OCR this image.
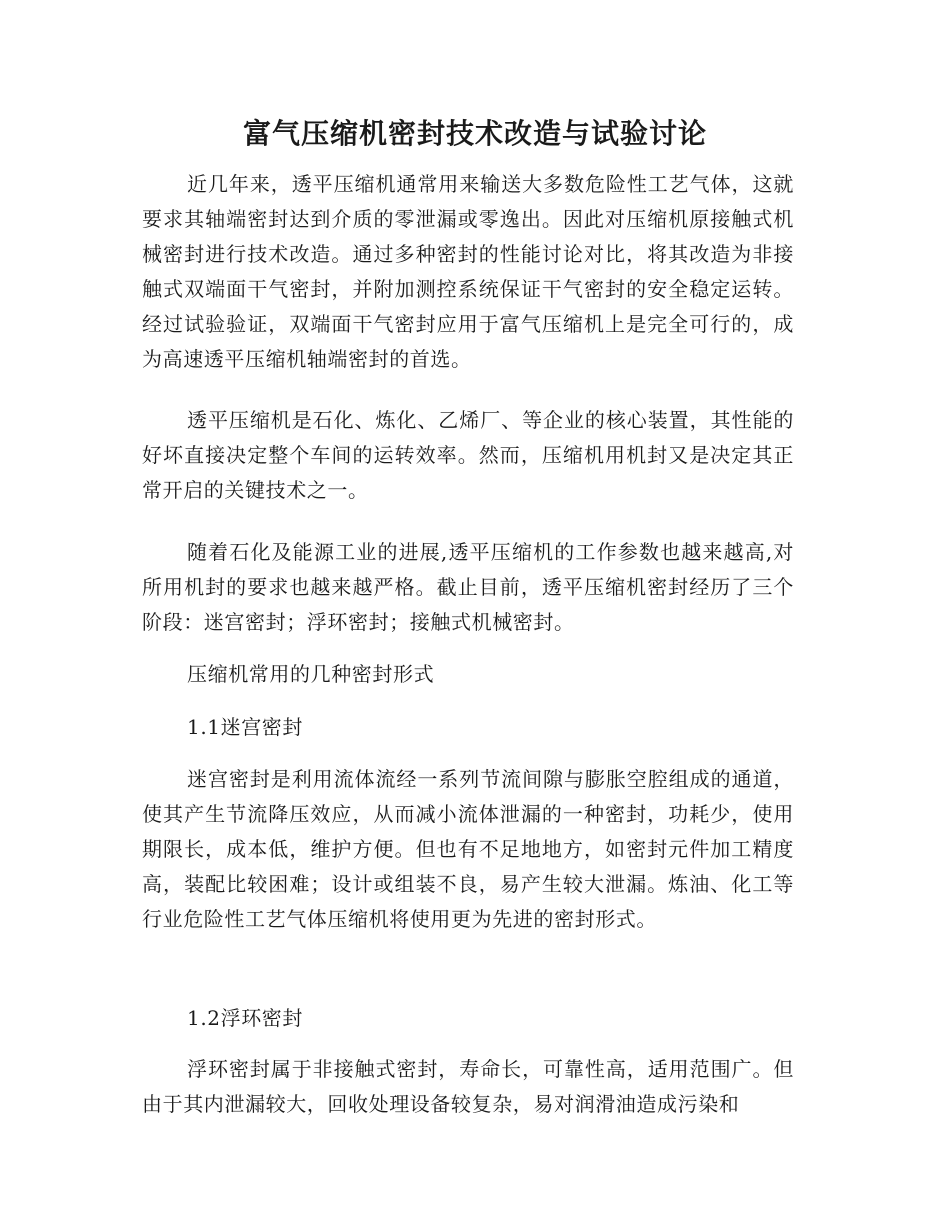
富气压缩机密封技术改造与试验讨论

近几年来，透平压缩机通常用来输送大多数危险性工艺气体，这就要求其轴端密封达到介质的零泄漏或零逸出。因此对压缩机原接触式机械密封进行技术改造。通过多种密封的性能讨论对比，将其改造为非接触式双端面干气密封，并附加测控系统保证干气密封的安全稳定运转。经过试验验证，双端面干气密封应用于富气压缩机上是完全可行的，成为高速透平压缩机轴端密封的首选。

透平压缩机是石化、炼化、乙烯厂、等企业的核心装置，其性能的好坏直接决定整个车间的运转效率。然而，压缩机用机封又是决定其正常开启的关键技术之一。

随着石化及能源工业的进展,透平压缩机的工作参数也越来越高,对所用机封的要求也越来越严格。截止目前，透平压缩机密封经历了三个阶段：迷宫密封；浮环密封；接触式机械密封。

压缩机常用的几种密封形式

1.1迷宫密封

迷宫密封是利用流体流经一系列节流间隙与膨胀空腔组成的通道，使其产生节流降压效应，从而减小流体泄漏的一种密封，功耗少，使用期限长，成本低，维护方便。但也有不足地地方，如密封元件加工精度高，装配比较困难；设计或组装不良，易产生较大泄漏。炼油、化工等行业危险性工艺气体压缩机将使用更为先进的密封形式。

1.2浮环密封

浮环密封属于非接触式密封，寿命长，可靠性高，适用范围广。但由于其内泄漏较大，回收处理设备较复杂，易对润滑油造成污染和
